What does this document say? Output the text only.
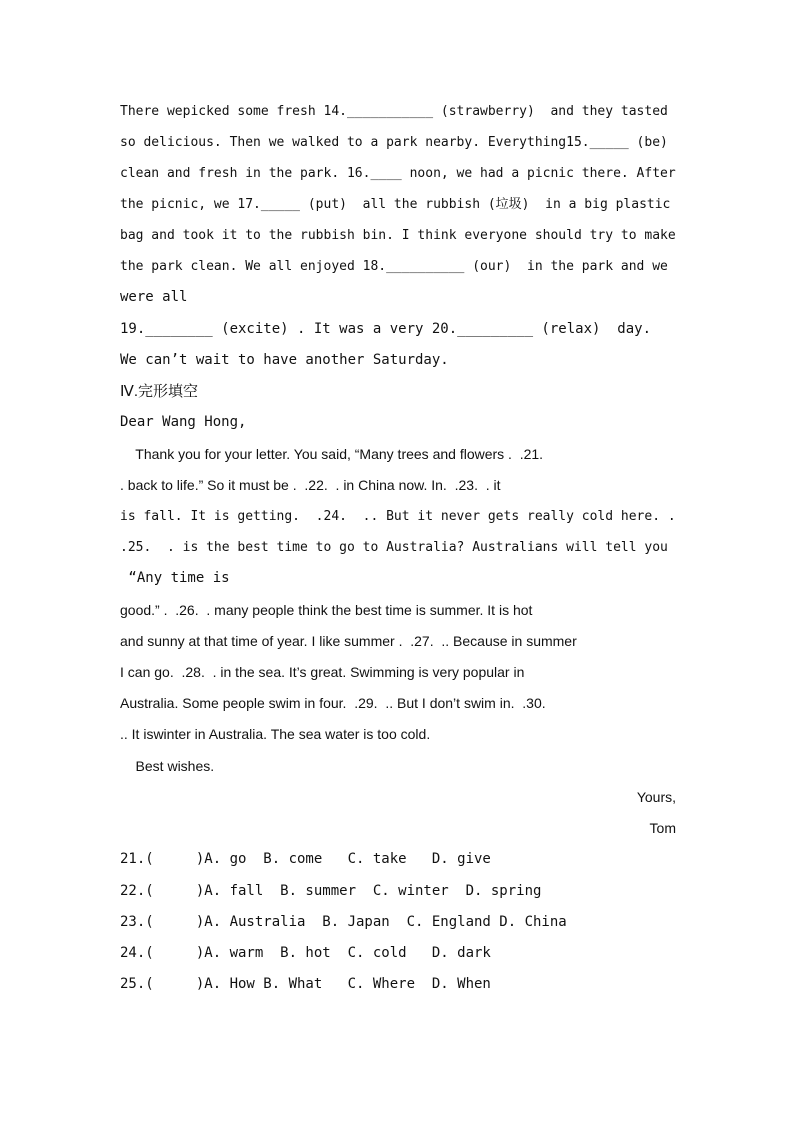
There wepicked some fresh 14.___________ (strawberry)  and they tasted
so delicious. Then we walked to a park nearby. Everything15._____ (be)
clean and fresh in the park. 16.____ noon, we had a picnic there. After
the picnic, we 17._____ (put)  all the rubbish (垃圾)  in a big plastic
bag and took it to the rubbish bin. I think everyone should try to make
the park clean. We all enjoyed 18.__________ (our)  in the park and we
were all
19.________ (excite) . It was a very 20._________ (relax)  day.
We can’t wait to have another Saturday.
Ⅳ.完形填空
Dear Wang Hong,
Thank you for your letter. You said, “Many trees and flowers .  .21.
. back to life.” So it must be .  .22.  . in China now. In.  .23.  . it
is fall. It is getting.  .24.  .. But it never gets really cold here. .
.25.  . is the best time to go to Australia? Australians will tell you
“Any time is
good.” .  .26.  . many people think the best time is summer. It is hot
and sunny at that time of year. I like summer .  .27.  .. Because in summer
I can go.  .28.  . in the sea. It’s great. Swimming is very popular in
Australia. Some people swim in four.  .29.  .. But I don’t swim in.  .30.
.. It iswinter in Australia. The sea water is too cold.
Best wishes.
Yours,
Tom
21.(     )A. go  B. come   C. take   D. give
22.(     )A. fall  B. summer  C. winter  D. spring
23.(     )A. Australia  B. Japan  C. England D. China
24.(     )A. warm  B. hot  C. cold   D. dark
25.(     )A. How B. What   C. Where  D. When
